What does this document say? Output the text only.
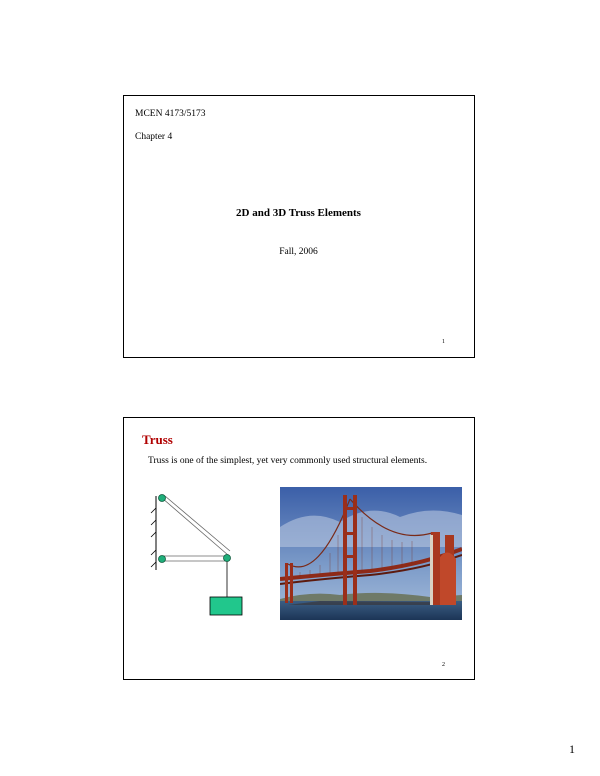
MCEN 4173/5173
Chapter 4
2D and 3D Truss Elements
Fall, 2006
1
Truss
Truss is one of the simplest, yet very commonly used structural elements.
2
1
